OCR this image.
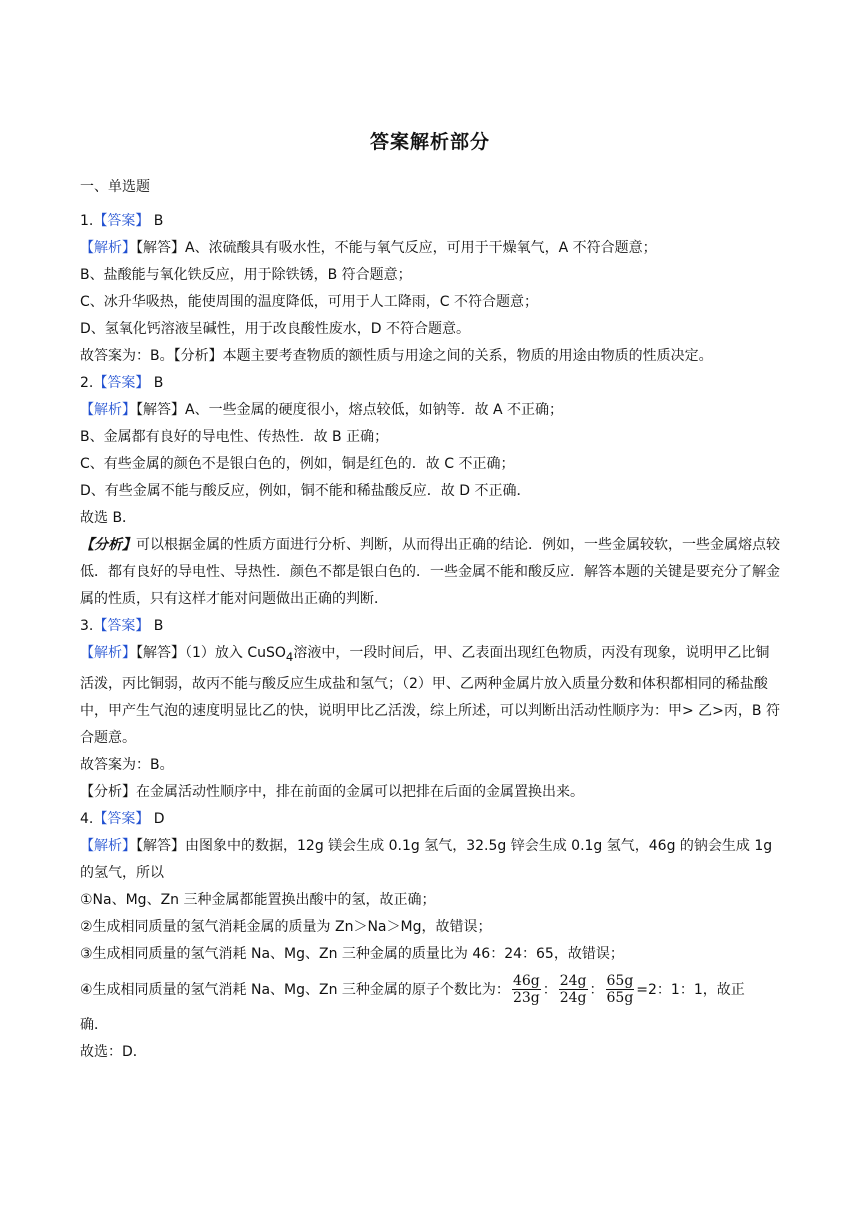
答案解析部分
一、单选题
1.【答案】 B
【解析】【解答】A、浓硫酸具有吸水性，不能与氧气反应，可用于干燥氧气，A 不符合题意；
B、盐酸能与氧化铁反应，用于除铁锈，B 符合题意；
C、冰升华吸热，能使周围的温度降低，可用于人工降雨，C 不符合题意；
D、氢氧化钙溶液呈碱性，用于改良酸性废水，D 不符合题意。
故答案为：B。【分析】本题主要考查物质的额性质与用途之间的关系，物质的用途由物质的性质决定。
2.【答案】 B
【解析】【解答】A、一些金属的硬度很小，熔点较低，如钠等．故 A 不正确；
B、金属都有良好的导电性、传热性．故 B 正确；
C、有些金属的颜色不是银白色的，例如，铜是红色的．故 C 不正确；
D、有些金属不能与酸反应，例如，铜不能和稀盐酸反应．故 D 不正确．
故选 B．
【分析】可以根据金属的性质方面进行分析、判断，从而得出正确的结论．例如，一些金属较软，一些金属熔点较低．都有良好的导电性、导热性．颜色不都是银白色的．一些金属不能和酸反应．解答本题的关键是要充分了解金属的性质，只有这样才能对问题做出正确的判断．
3.【答案】 B
【解析】【解答】（1）放入 CuSO$_4$溶液中，一段时间后，甲、乙表面出现红色物质，丙没有现象，说明甲乙比铜活泼，丙比铜弱，故丙不能与酸反应生成盐和氢气；（2）甲、乙两种金属片放入质量分数和体积都相同的稀盐酸中，甲产生气泡的速度明显比乙的快，说明甲比乙活泼，综上所述，可以判断出活动性顺序为：甲> 乙>丙，B 符合题意。
故答案为：B。
【分析】在金属活动性顺序中，排在前面的金属可以把排在后面的金属置换出来。
4.【答案】 D
【解析】【解答】由图象中的数据，12g 镁会生成 0.1g 氢气，32.5g 锌会生成 0.1g 氢气，46g 的钠会生成 1g 的氢气，所以
①Na、Mg、Zn 三种金属都能置换出酸中的氢，故正确；
②生成相同质量的氢气消耗金属的质量为 Zn＞Na＞Mg，故错误；
③生成相同质量的氢气消耗 Na、Mg、Zn 三种金属的质量比为 46：24：65，故错误；
④生成相同质量的氢气消耗 Na、Mg、Zn 三种金属的原子个数比为： $\frac{46g}{23g}$ ： $\frac{24g}{24g}$ ： $\frac{65g}{65g} =2$：1：1，故正
确．
故选：D．
